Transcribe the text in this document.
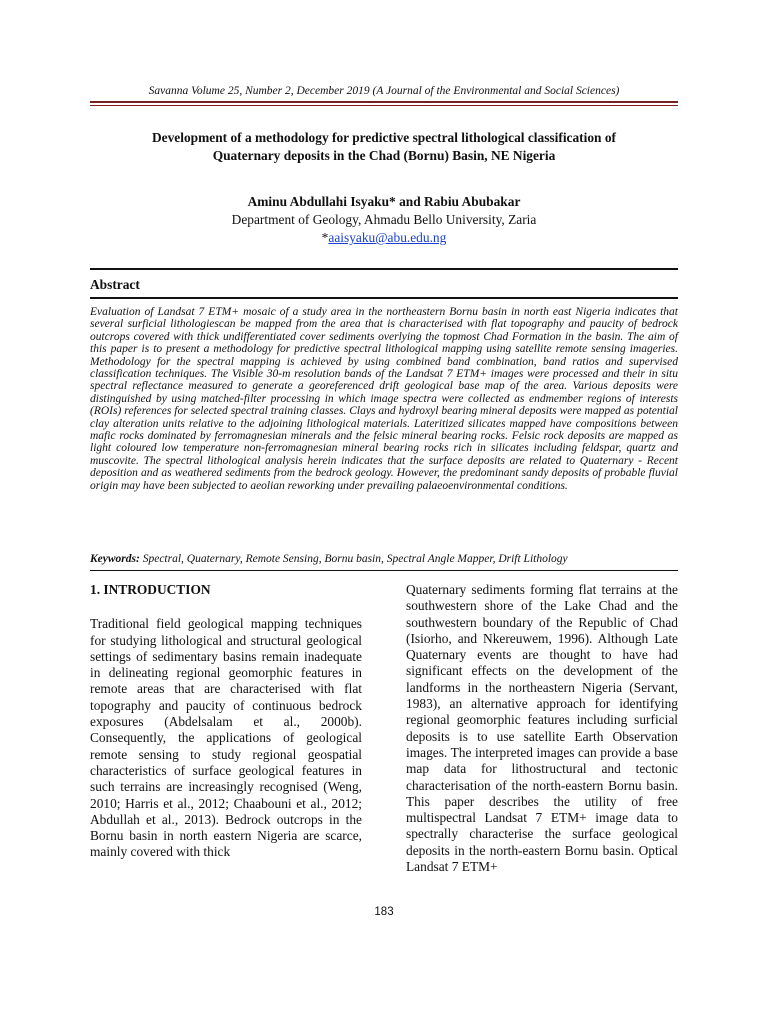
Savanna Volume 25, Number 2, December 2019 (A Journal of the Environmental and Social Sciences)
Development of a methodology for predictive spectral lithological classification of
Quaternary deposits in the Chad (Bornu) Basin, NE Nigeria
Aminu Abdullahi Isyaku* and Rabiu Abubakar
Department of Geology, Ahmadu Bello University, Zaria
*aaisyaku@abu.edu.ng
Abstract
Evaluation of Landsat 7 ETM+ mosaic of a study area in the northeastern Bornu basin in north east Nigeria indicates that several surficial lithologiescan be mapped from the area that is characterised with flat topography and paucity of bedrock outcrops covered with thick undifferentiated cover sediments overlying the topmost Chad Formation in the basin. The aim of this paper is to present a methodology for predictive spectral lithological mapping using satellite remote sensing imageries. Methodology for the spectral mapping is achieved by using combined band combination, band ratios and supervised classification techniques. The Visible 30-m resolution bands of the Landsat 7 ETM+ images were processed and their in situ spectral reflectance measured to generate a georeferenced drift geological base map of the area. Various deposits were distinguished by using matched-filter processing in which image spectra were collected as endmember regions of interests (ROIs) references for selected spectral training classes. Clays and hydroxyl bearing mineral deposits were mapped as potential clay alteration units relative to the adjoining lithological materials. Lateritized silicates mapped have compositions between mafic rocks dominated by ferromagnesian minerals and the felsic mineral bearing rocks. Felsic rock deposits are mapped as light coloured low temperature non-ferromagnesian mineral bearing rocks rich in silicates including feldspar, quartz and muscovite. The spectral lithological analysis herein indicates that the surface deposits are related to Quaternary - Recent deposition and as weathered sediments from the bedrock geology. However, the predominant sandy deposits of probable fluvial origin may have been subjected to aeolian reworking under prevailing palaeoenvironmental conditions.
Keywords: Spectral, Quaternary, Remote Sensing, Bornu basin, Spectral Angle Mapper, Drift Lithology
1. INTRODUCTION
Traditional field geological mapping techniques for studying lithological and structural geological settings of sedimentary basins remain inadequate in delineating regional geomorphic features in remote areas that are characterised with flat topography and paucity of continuous bedrock exposures (Abdelsalam et al., 2000b). Consequently, the applications of geological remote sensing to study regional geospatial characteristics of surface geological features in such terrains are increasingly recognised (Weng, 2010; Harris et al., 2012; Chaabouni et al., 2012; Abdullah et al., 2013). Bedrock outcrops in the Bornu basin in north eastern Nigeria are scarce, mainly covered with thick
Quaternary sediments forming flat terrains at the southwestern shore of the Lake Chad and the southwestern boundary of the Republic of Chad (Isiorho, and Nkereuwem, 1996). Although Late Quaternary events are thought to have had significant effects on the development of the landforms in the northeastern Nigeria (Servant, 1983), an alternative approach for identifying regional geomorphic features including surficial deposits is to use satellite Earth Observation images. The interpreted images can provide a base map data for lithostructural and tectonic characterisation of the north-eastern Bornu basin. This paper describes the utility of free multispectral Landsat 7 ETM+ image data to spectrally characterise the surface geological deposits in the north-eastern Bornu basin. Optical Landsat 7 ETM+
183
